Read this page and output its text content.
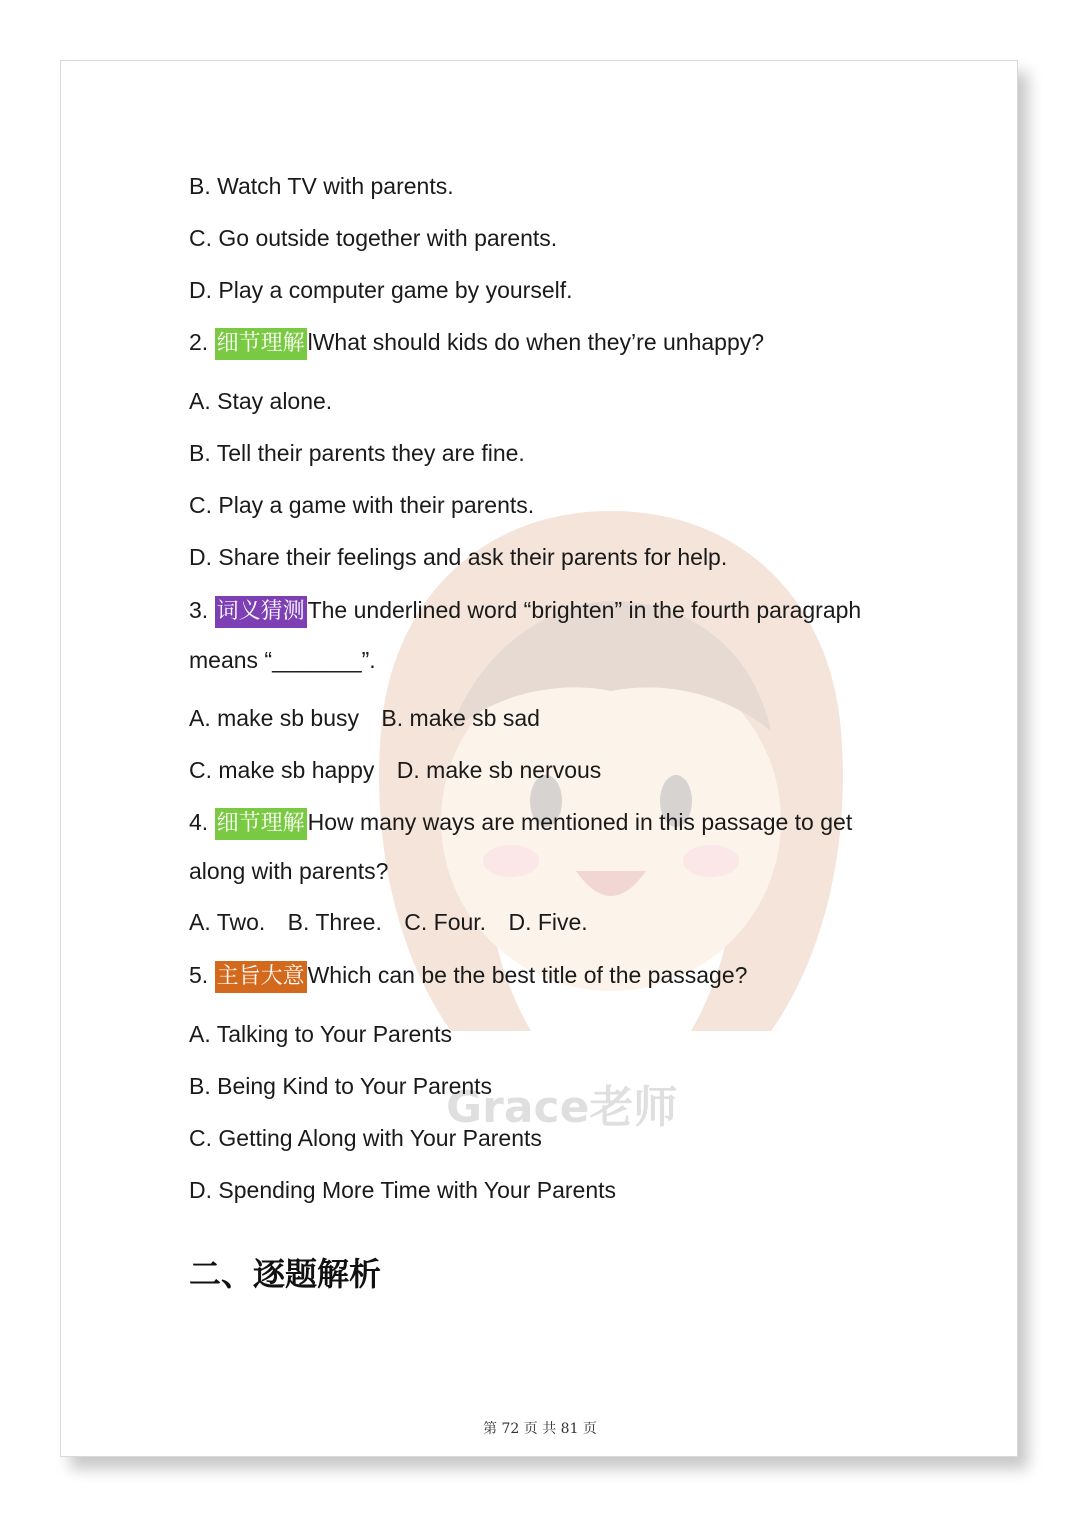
Grace老师
B. Watch TV with parents.
C. Go outside together with parents.
D. Play a computer game by yourself.
2. 细节理解 lWhat should kids do when they’re unhappy?
A. Stay alone.
B. Tell their parents they are fine.
C. Play a game with their parents.
D. Share their feelings and ask their parents for help.
3. 词义猜测 The underlined word “brighten” in the fourth paragraph
means “_______”.
A. make sb busy B. make sb sad
C. make sb happy D. make sb nervous
4. 细节理解 How many ways are mentioned in this passage to get
along with parents?
A. Two. B. Three. C. Four. D. Five.
5. 主旨大意 Which can be the best title of the passage?
A. Talking to Your Parents
B. Being Kind to Your Parents
C. Getting Along with Your Parents
D. Spending More Time with Your Parents
二、逐题解析
第 72 页 共 81 页
